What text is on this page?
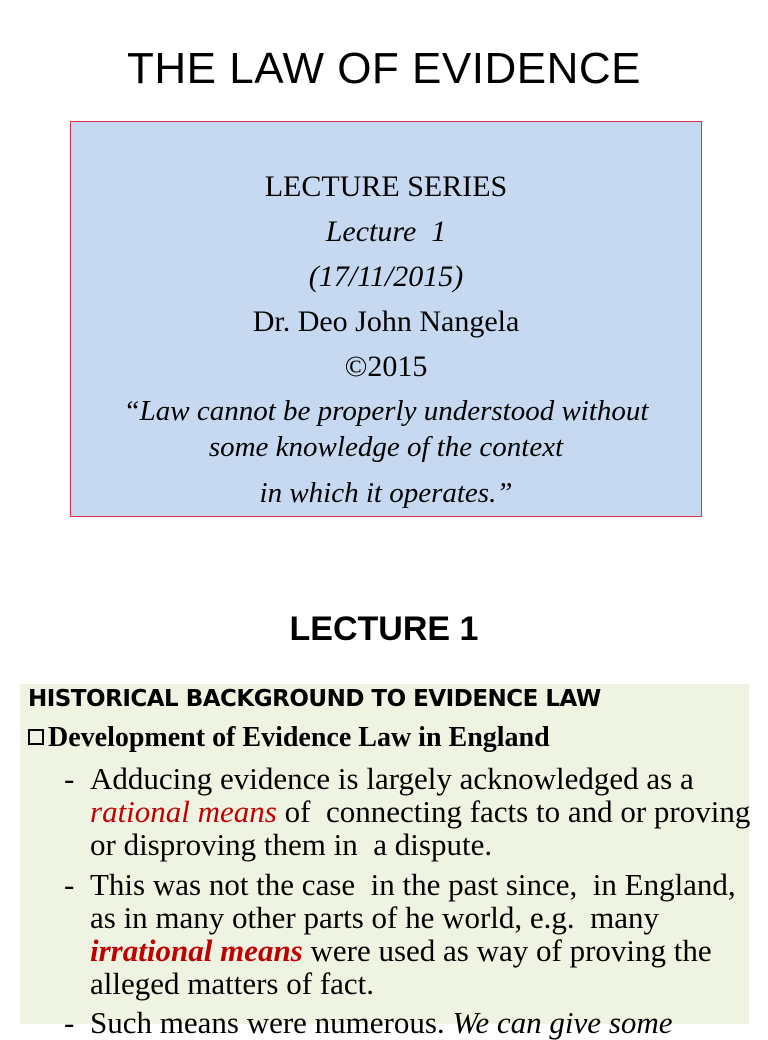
THE LAW OF EVIDENCE
LECTURE SERIES
Lecture  1
(17/11/2015)
Dr. Deo John Nangela
©2015
“Law cannot be properly understood without
some knowledge of the context
in which it operates.”
LECTURE 1
HISTORICAL BACKGROUND TO EVIDENCE LAW
Development of Evidence Law in England
- Adducing evidence is largely acknowledged as a rational means of  connecting facts to and or proving or disproving them in  a dispute.
- This was not the case  in the past since,  in England, as in many other parts of he world, e.g.  many irrational means were used as way of proving the alleged matters of fact.
- Such means were numerous. We can give some
